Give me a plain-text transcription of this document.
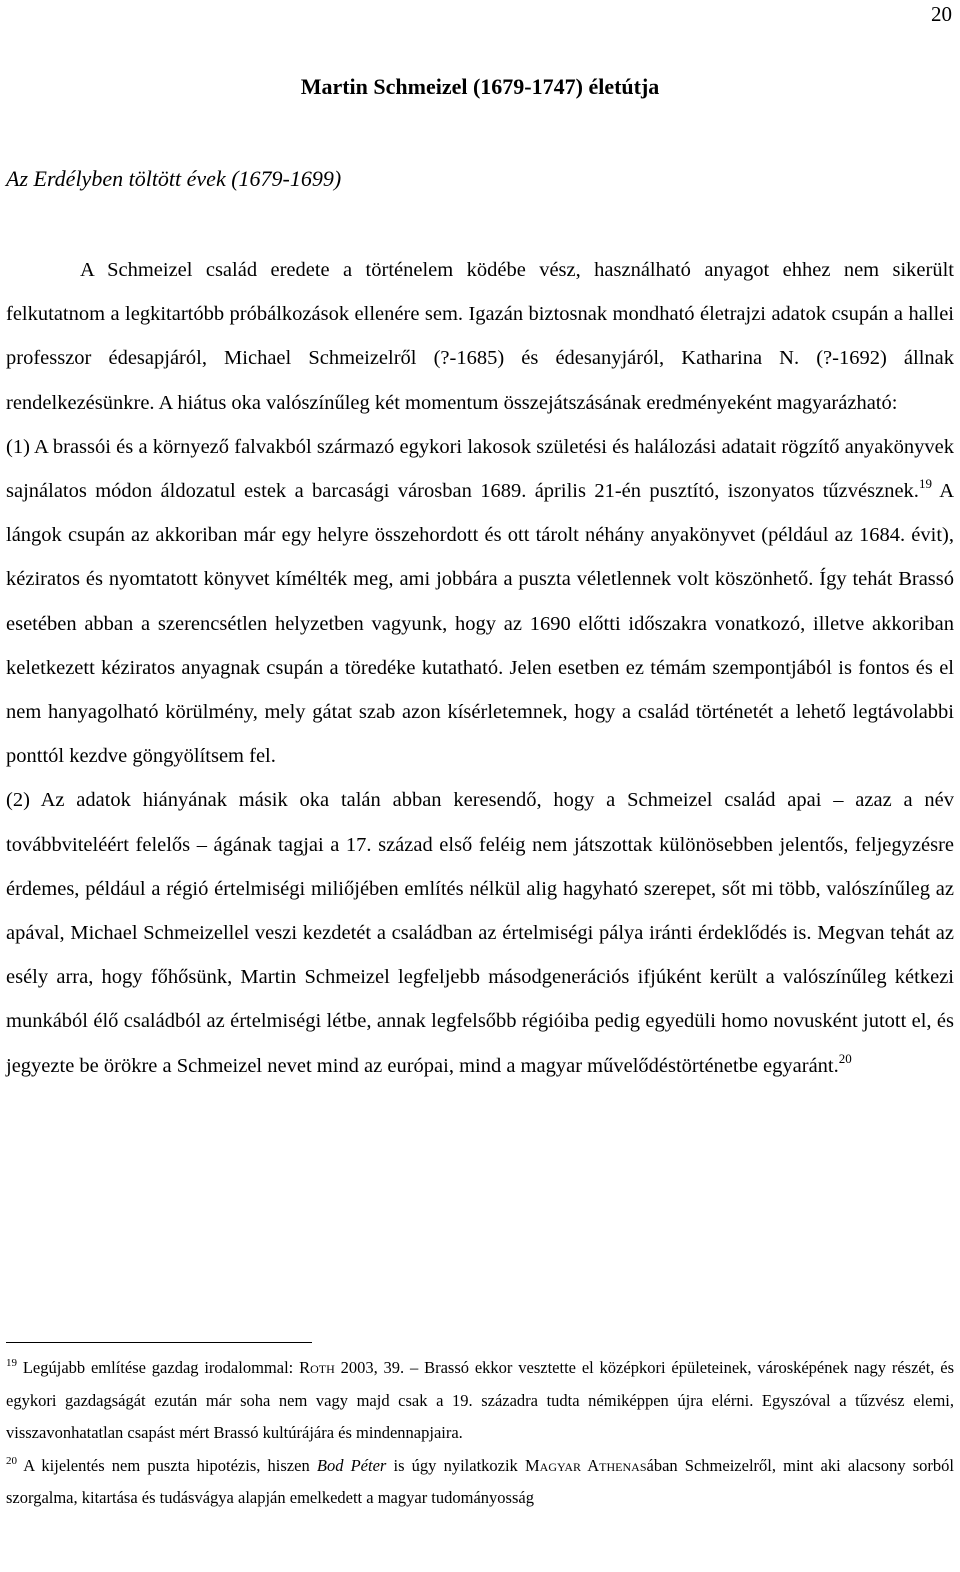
20
Martin Schmeizel (1679-1747) életútja
Az Erdélyben töltött évek (1679-1699)

A Schmeizel család eredete a történelem ködébe vész, használható anyagot ehhez nem sikerült felkutatnom a legkitartóbb próbálkozások ellenére sem. Igazán biztosnak mondható életrajzi adatok csupán a hallei professzor édesapjáról, Michael Schmeizelről (?-1685) és édesanyjáról, Katharina N. (?-1692) állnak rendelkezésünkre. A hiátus oka valószínűleg két momentum összejátszásának eredményeként magyarázható:

(1) A brassói és a környező falvakból származó egykori lakosok születési és halálozási adatait rögzítő anyakönyvek sajnálatos módon áldozatul estek a barcasági városban 1689. április 21-én pusztító, iszonyatos tűzvésznek.$^{19}$ A lángok csupán az akkoriban már egy helyre összehordott és ott tárolt néhány anyakönyvet (például az 1684. évit), kéziratos és nyomtatott könyvet kímélték meg, ami jobbára a puszta véletlennek volt köszönhető. Így tehát Brassó esetében abban a szerencsétlen helyzetben vagyunk, hogy az 1690 előtti időszakra vonatkozó, illetve akkoriban keletkezett kéziratos anyagnak csupán a töredéke kutatható. Jelen esetben ez témám szempontjából is fontos és el nem hanyagolható körülmény, mely gátat szab azon kísérletemnek, hogy a család történetét a lehető legtávolabbi ponttól kezdve göngyölítsem fel.

(2) Az adatok hiányának másik oka talán abban keresendő, hogy a Schmeizel család apai – azaz a név továbbviteléért felelős – ágának tagjai a 17. század első feléig nem játszottak különösebben jelentős, feljegyzésre érdemes, például a régió értelmiségi miliőjében említés nélkül alig hagyható szerepet, sőt mi több, valószínűleg az apával, Michael Schmeizellel veszi kezdetét a családban az értelmiségi pálya iránti érdeklődés is. Megvan tehát az esély arra, hogy főhősünk, Martin Schmeizel legfeljebb másodgenerációs ifjúként került a valószínűleg kétkezi munkából élő családból az értelmiségi létbe, annak legfelsőbb régióiba pedig egyedüli homo novusként jutott el, és jegyezte be örökre a Schmeizel nevet mind az európai, mind a magyar művelődéstörténetbe egyaránt.$^{20}$

$^{19}$ Legújabb említése gazdag irodalommal: Roth 2003, 39. – Brassó ekkor vesztette el középkori épületeinek, városképének nagy részét, és egykori gazdagságát ezután már soha nem vagy majd csak a 19. századra tudta némiképpen újra elérni. Egyszóval a tűzvész elemi, visszavonhatatlan csapást mért Brassó kultúrájára és mindennapjaira.

$^{20}$ A kijelentés nem puszta hipotézis, hiszen Bod Péter is úgy nyilatkozik Magyar Athenasában Schmeizelről, mint aki alacsony sorból szorgalma, kitartása és tudásvágya alapján emelkedett a magyar tudományosság
